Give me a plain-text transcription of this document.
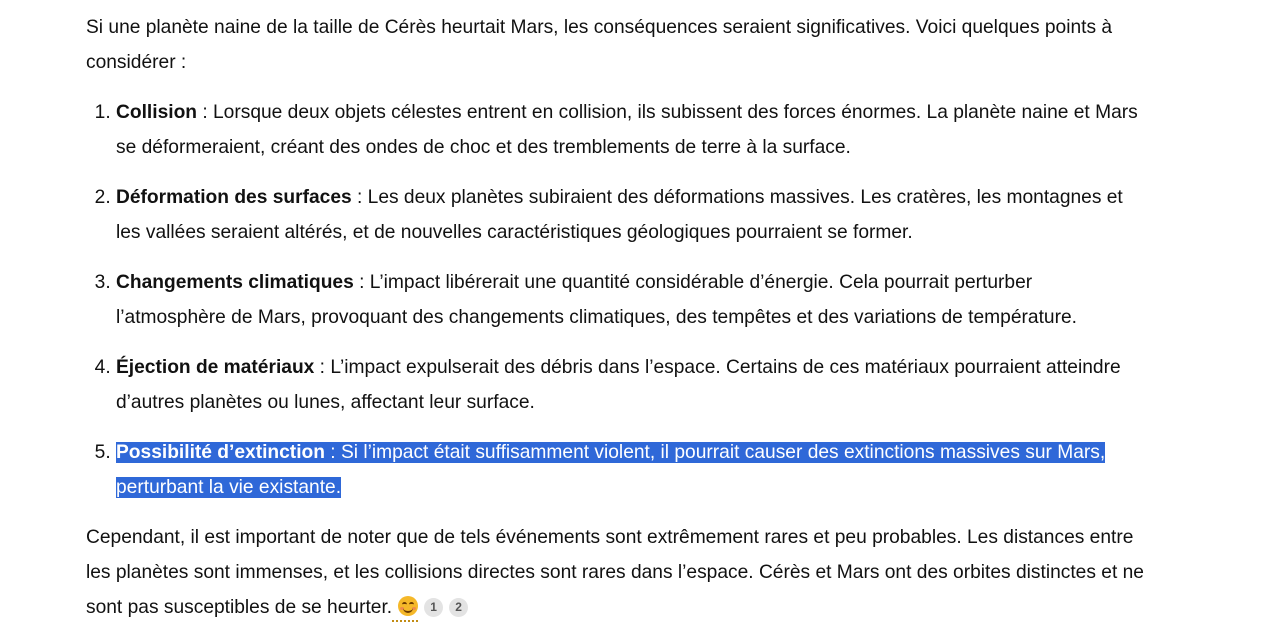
Si une planète naine de la taille de Cérès heurtait Mars, les conséquences seraient significatives. Voici quelques points à considérer :

1. Collision : Lorsque deux objets célestes entrent en collision, ils subissent des forces énormes. La planète naine et Mars se déformeraient, créant des ondes de choc et des tremblements de terre à la surface.
2. Déformation des surfaces : Les deux planètes subiraient des déformations massives. Les cratères, les montagnes et les vallées seraient altérés, et de nouvelles caractéristiques géologiques pourraient se former.
3. Changements climatiques : L’impact libérerait une quantité considérable d’énergie. Cela pourrait perturber l’atmosphère de Mars, provoquant des changements climatiques, des tempêtes et des variations de température.
4. Éjection de matériaux : L’impact expulserait des débris dans l’espace. Certains de ces matériaux pourraient atteindre d’autres planètes ou lunes, affectant leur surface.
5. Possibilité d’extinction : Si l’impact était suffisamment violent, il pourrait causer des extinctions massives sur Mars, perturbant la vie existante.

Cependant, il est important de noter que de tels événements sont extrêmement rares et peu probables. Les distances entre les planètes sont immenses, et les collisions directes sont rares dans l’espace. Cérès et Mars ont des orbites distinctes et ne sont pas susceptibles de se heurter.	1 2
